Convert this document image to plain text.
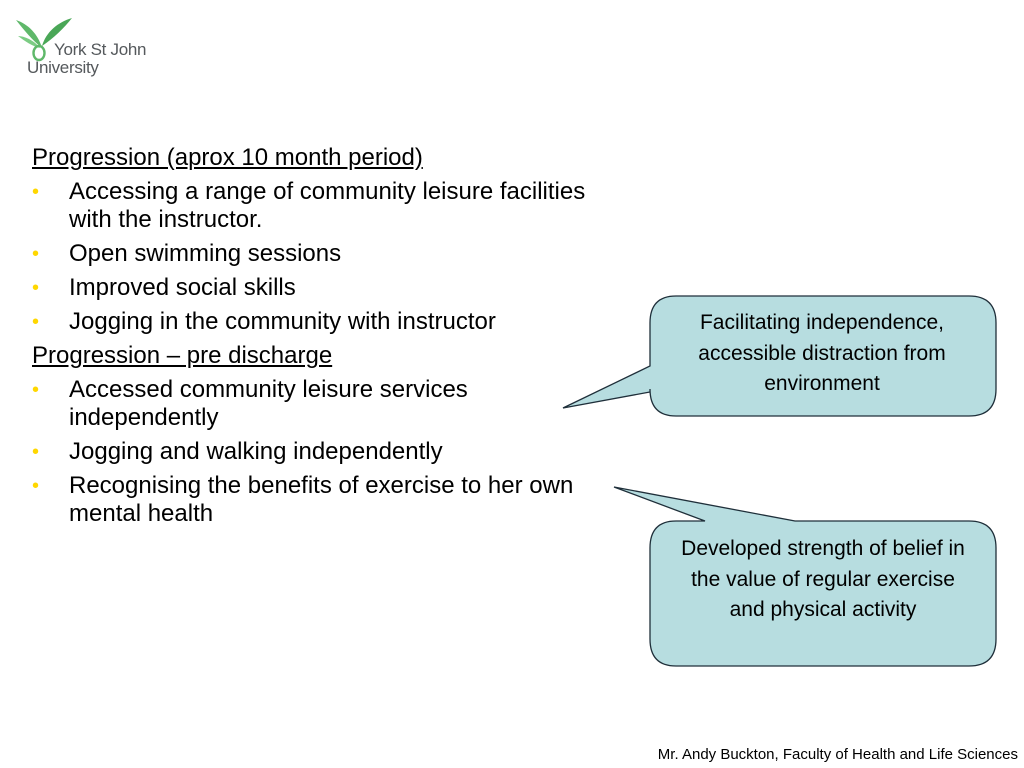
York St John
University
Progression (aprox 10 month period)
• Accessing a range of community leisure facilities with the instructor.
• Open swimming sessions
• Improved social skills
• Jogging in the community with instructor
Progression – pre discharge
• Accessed community leisure services independently
• Jogging and walking independently
• Recognising the benefits of exercise to her own mental health
Facilitating independence, accessible distraction from environment
Developed strength of belief in the value of regular exercise and physical activity
Mr. Andy Buckton, Faculty of Health and Life Sciences
